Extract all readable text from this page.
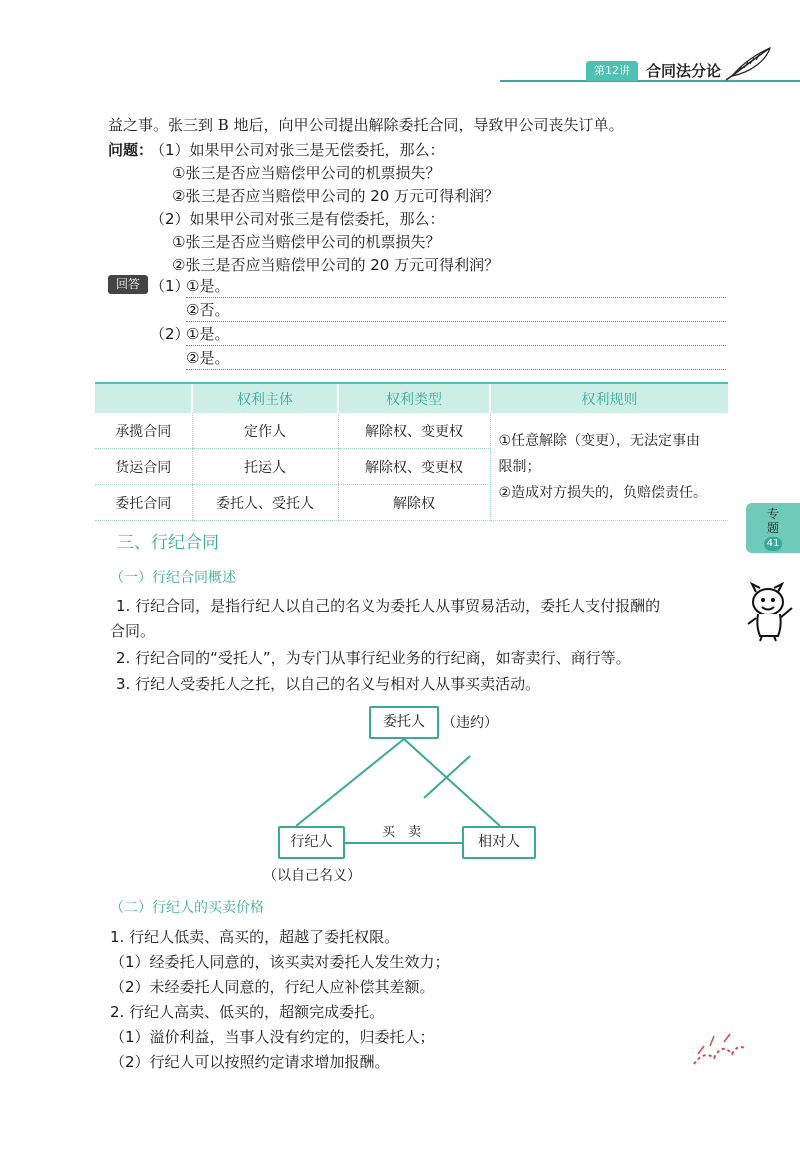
第12讲	合同法分论
益之事。张三到 B 地后，向甲公司提出解除委托合同，导致甲公司丧失订单。
问题：
（1）如果甲公司对张三是无偿委托，那么：
①张三是否应当赔偿甲公司的机票损失？
②张三是否应当赔偿甲公司的 20 万元可得利润？
（2）如果甲公司对张三是有偿委托，那么：
①张三是否应当赔偿甲公司的机票损失？
②张三是否应当赔偿甲公司的 20 万元可得利润？
回答 （1）
①是。
②否。
（2）
①是。
②是。
	权利主体	权利类型	权利规则
承揽合同	定作人	解除权、变更权	①任意解除（变更），无法定事由
限制；
②造成对方损失的，负赔偿责任。

货运合同	托运人	解除权、变更权	
委托合同	委托人、受托人	解除权	
专
题
41
三、行纪合同
（一）行纪合同概述
1. 行纪合同，是指行纪人以自己的名义为委托人从事贸易活动，委托人支付报酬的
合同。
2. 行纪合同的“受托人”，为专门从事行纪业务的行纪商，如寄卖行、商行等。
3. 行纪人受委托人之托，以自己的名义与相对人从事买卖活动。
委托人	（违约）
行纪人	相对人
买　卖
（以自己名义）
（二）行纪人的买卖价格
1. 行纪人低卖、高买的，超越了委托权限。
（1）经委托人同意的，该买卖对委托人发生效力；
（2）未经委托人同意的，行纪人应补偿其差额。
2. 行纪人高卖、低买的，超额完成委托。
（1）溢价利益，当事人没有约定的，归委托人；
（2）行纪人可以按照约定请求增加报酬。
